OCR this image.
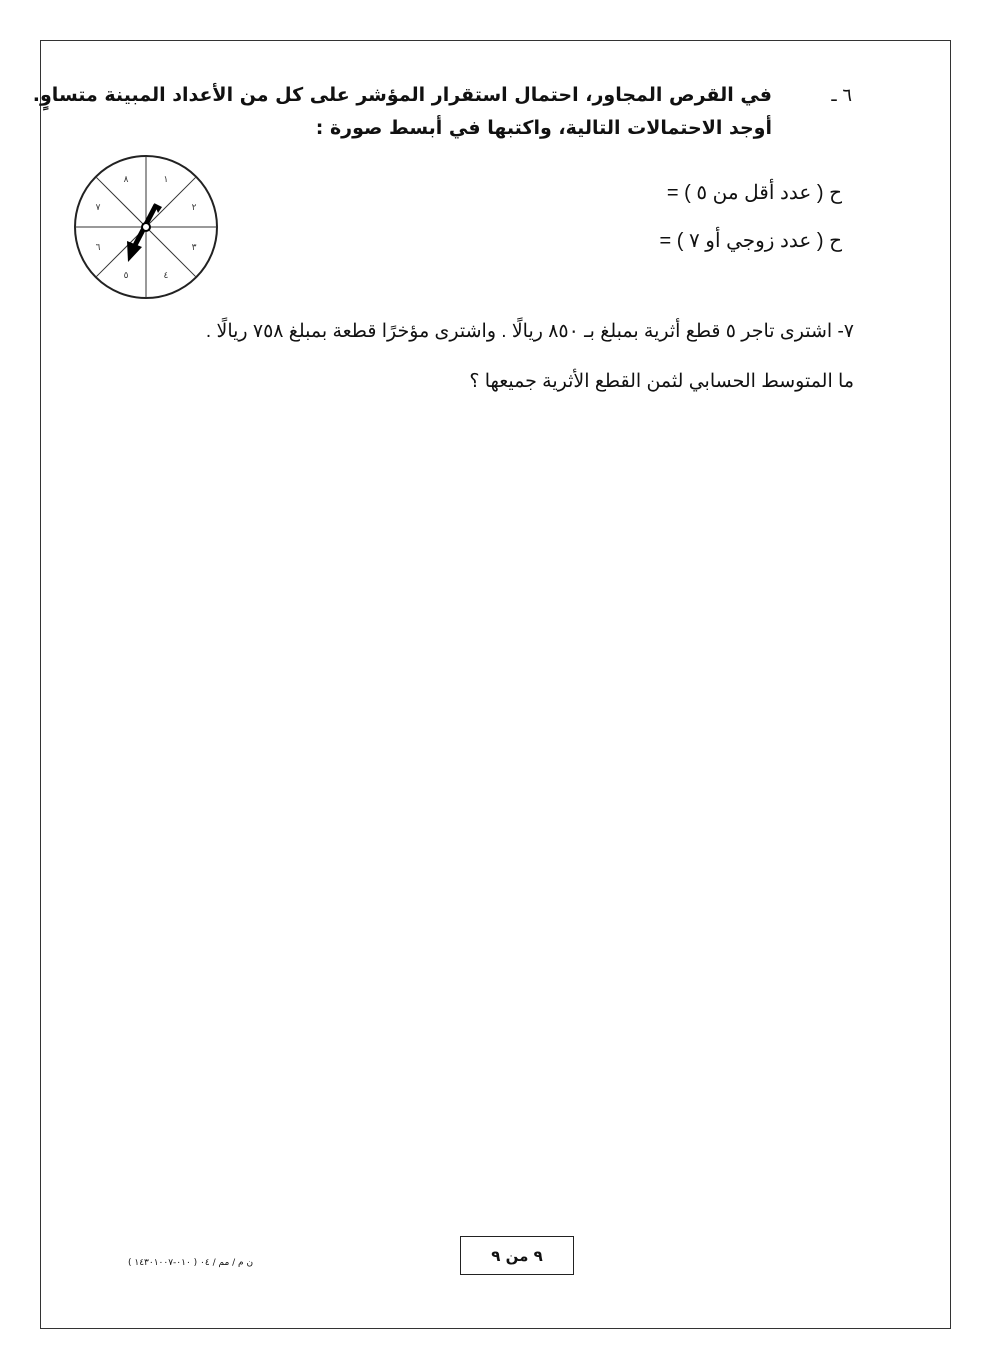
٦ ـ
في القرص المجاور، احتمال استقرار المؤشر على كل من الأعداد المبينة متساوٍ.
أوجد الاحتمالات التالية، واكتبها في أبسط صورة :
ح ( عدد أقل من ٥ ) =
ح ( عدد زوجي أو ٧ ) =
١
٢
٣
٤
٥
٦
٧
٨
٧- اشترى تاجر ٥ قطع أثرية بمبلغ بـ ٨٥٠ ريالًا . واشترى مؤخرًا قطعة بمبلغ ٧٥٨ ريالًا .
ما المتوسط الحسابي لثمن القطع الأثرية جميعها ؟
٩ من ٩
ن م / مم / ٠٤ ( ٠١٠-١٤٣٠١٠٠٧ )
